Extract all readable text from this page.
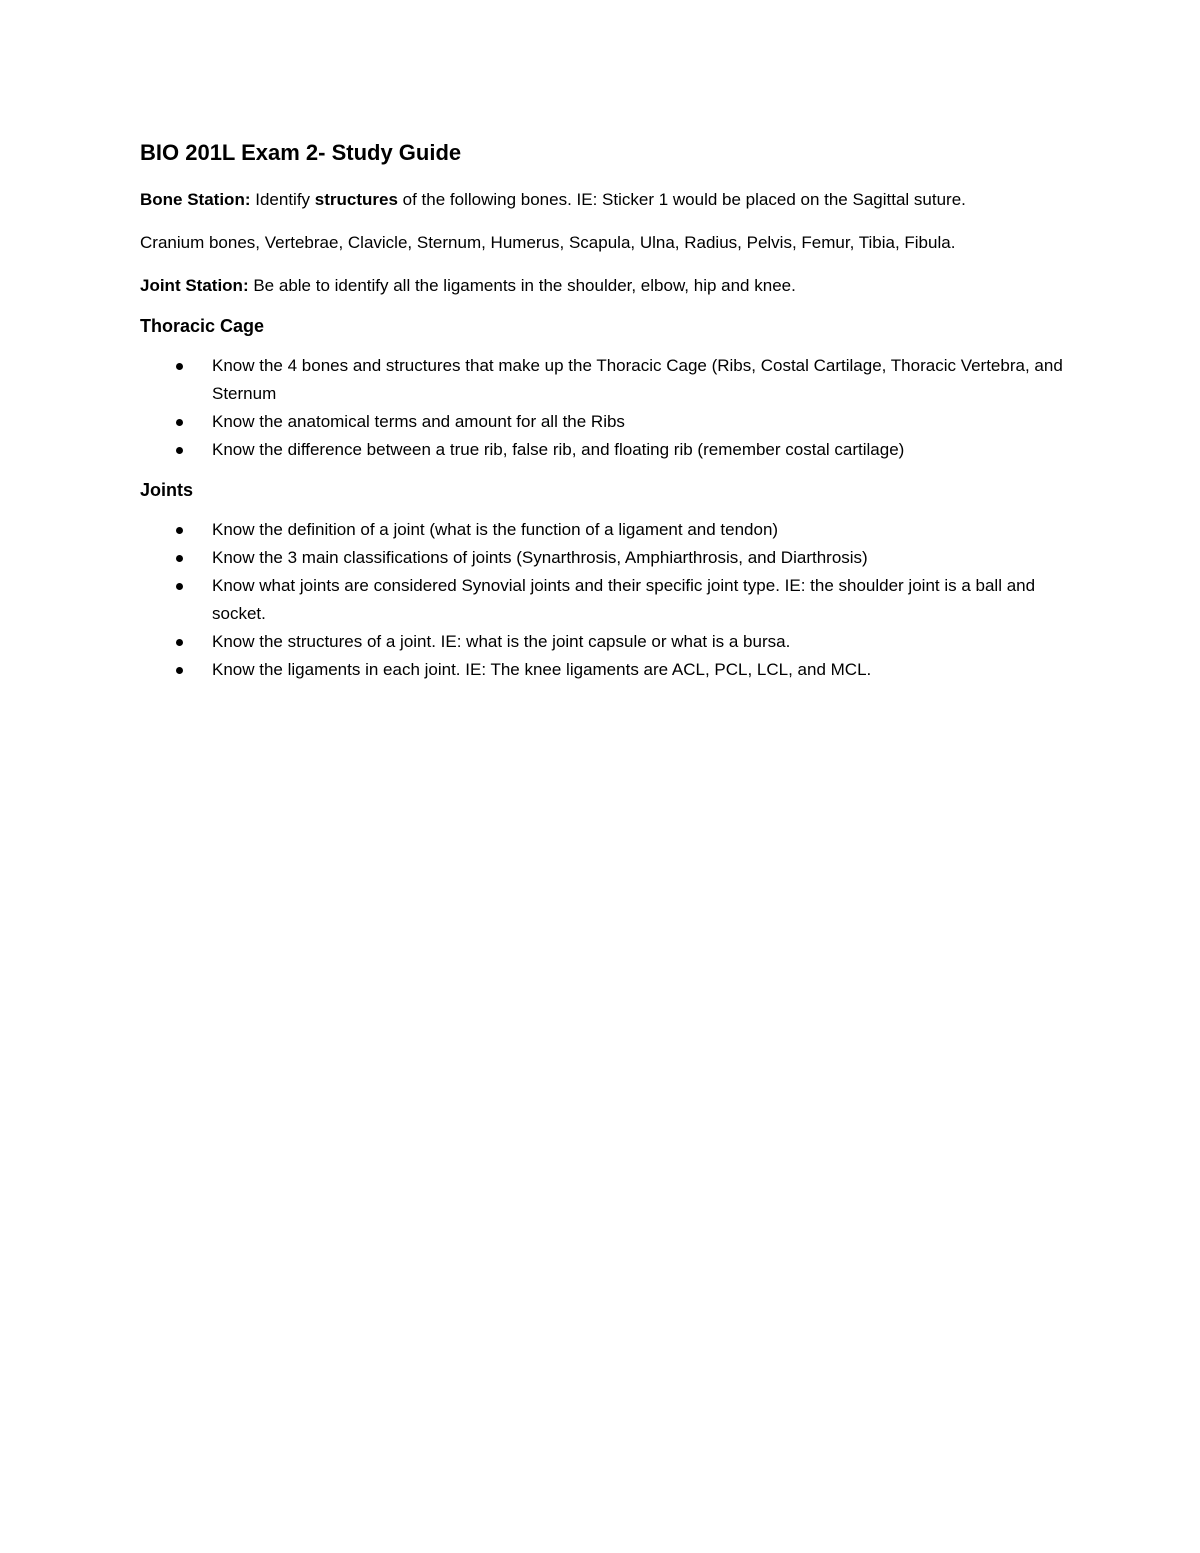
BIO 201L Exam 2- Study Guide

Bone Station: Identify structures of the following bones. IE: Sticker 1 would be placed on the Sagittal suture.

Cranium bones, Vertebrae, Clavicle, Sternum, Humerus, Scapula, Ulna, Radius, Pelvis, Femur, Tibia, Fibula.

Joint Station: Be able to identify all the ligaments in the shoulder, elbow, hip and knee.

Thoracic Cage
Know the 4 bones and structures that make up the Thoracic Cage (Ribs, Costal Cartilage, Thoracic Vertebra, and Sternum
Know the anatomical terms and amount for all the Ribs
Know the difference between a true rib, false rib, and floating rib (remember costal cartilage)
Joints
Know the definition of a joint (what is the function of a ligament and tendon)
Know the 3 main classifications of joints (Synarthrosis, Amphiarthrosis, and Diarthrosis)
Know what joints are considered Synovial joints and their specific joint type. IE: the shoulder joint is a ball and socket.
Know the structures of a joint. IE: what is the joint capsule or what is a bursa.
Know the ligaments in each joint. IE: The knee ligaments are ACL, PCL, LCL, and MCL.
